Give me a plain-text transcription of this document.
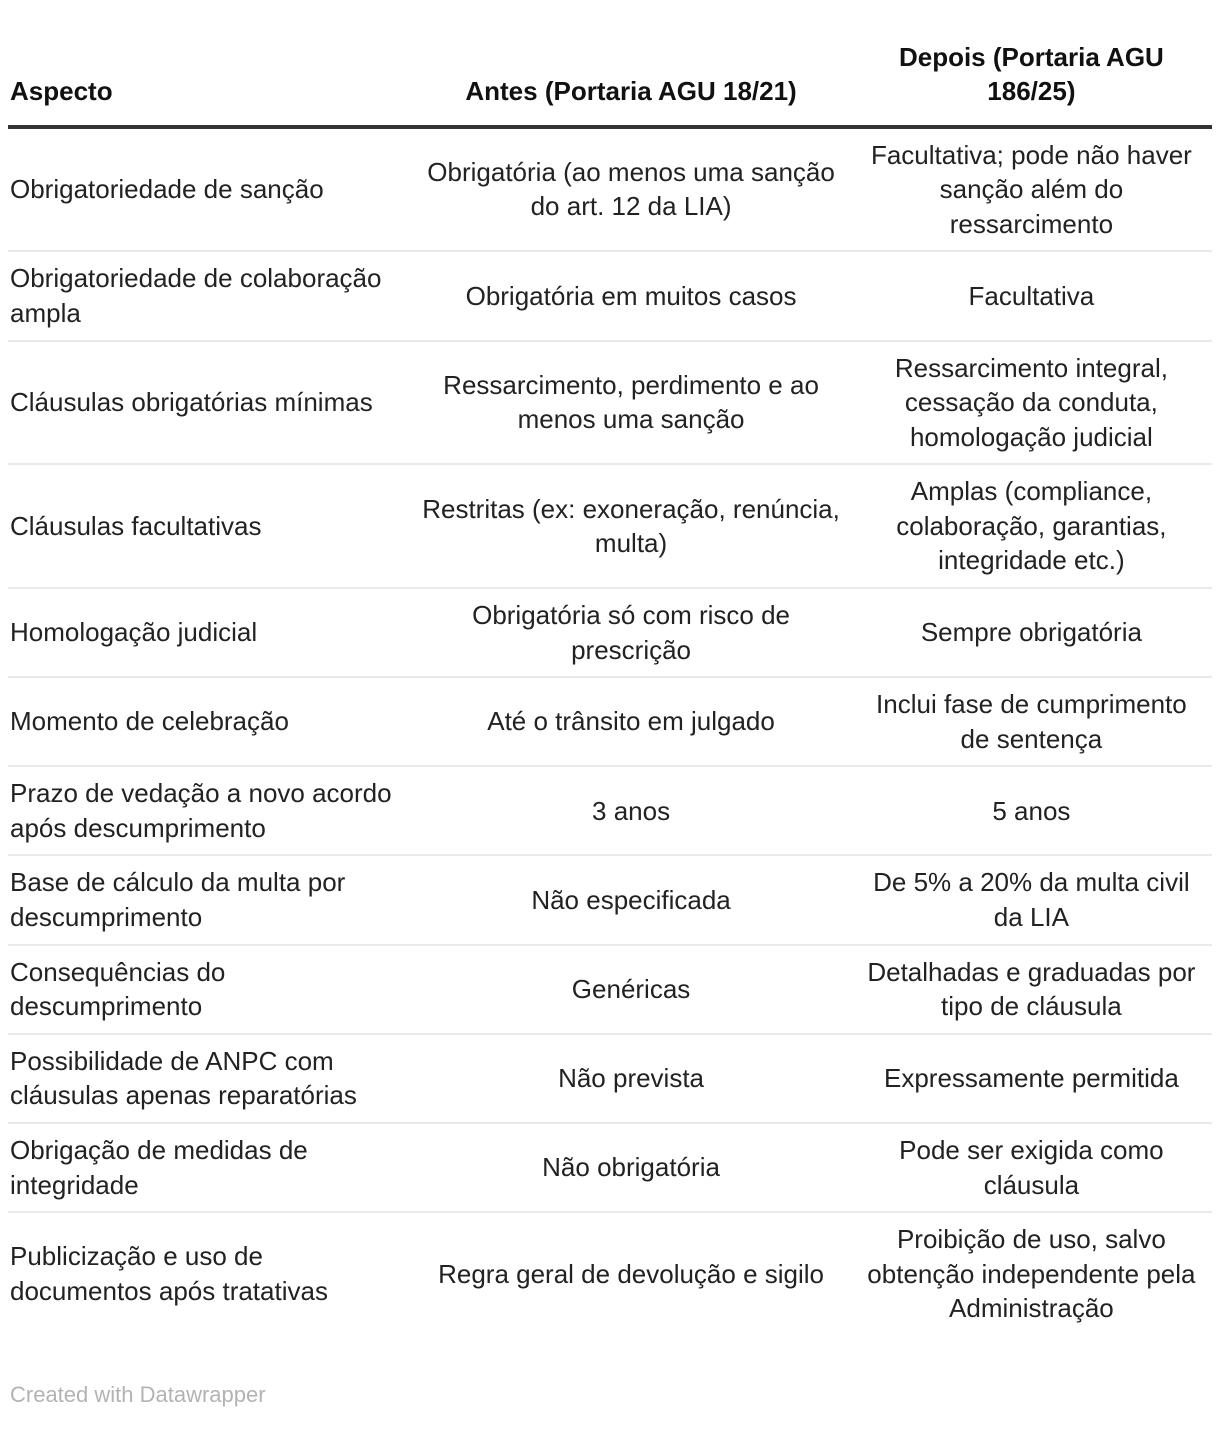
Aspecto	Antes (Portaria AGU 18/21)	Depois (Portaria AGU 186/25)
Obrigatoriedade de sanção	Obrigatória (ao menos uma sanção do art. 12 da LIA)	Facultativa; pode não haver sanção além do ressarcimento
Obrigatoriedade de colaboração ampla	Obrigatória em muitos casos	Facultativa
Cláusulas obrigatórias mínimas	Ressarcimento, perdimento e ao menos uma sanção	Ressarcimento integral, cessação da conduta, homologação judicial
Cláusulas facultativas	Restritas (ex: exoneração, renúncia, multa)	Amplas (compliance, colaboração, garantias, integridade etc.)
Homologação judicial	Obrigatória só com risco de prescrição	Sempre obrigatória
Momento de celebração	Até o trânsito em julgado	Inclui fase de cumprimento de sentença
Prazo de vedação a novo acordo após descumprimento	3 anos	5 anos
Base de cálculo da multa por descumprimento	Não especificada	De 5% a 20% da multa civil da LIA
Consequências do descumprimento	Genéricas	Detalhadas e graduadas por tipo de cláusula
Possibilidade de ANPC com cláusulas apenas reparatórias	Não prevista	Expressamente permitida
Obrigação de medidas de integridade	Não obrigatória	Pode ser exigida como cláusula
Publicização e uso de documentos após tratativas	Regra geral de devolução e sigilo	Proibição de uso, salvo obtenção independente pela Administração
Created with Datawrapper
